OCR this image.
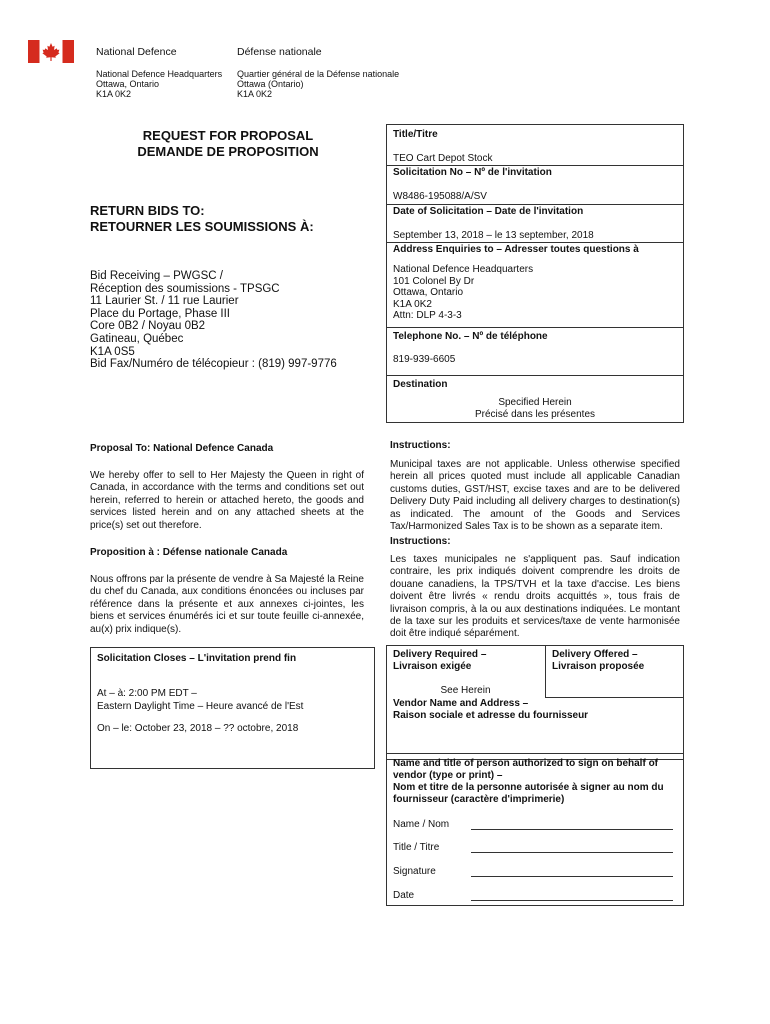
National Defence	Défense nationale
National Defence Headquarters
Ottawa, Ontario
K1A 0K2
Quartier général de la Défense nationale
Ottawa (Ontario)
K1A 0K2
REQUEST FOR PROPOSAL
DEMANDE DE PROPOSITION
RETURN BIDS TO:
RETOURNER LES SOUMISSIONS À:
Bid Receiving – PWGSC /
Réception des soumissions - TPSGC
11 Laurier St. / 11 rue Laurier
Place du Portage, Phase III
Core 0B2 / Noyau 0B2
Gatineau, Québec
K1A 0S5
Bid Fax/Numéro de télécopieur : (819) 997-9776
Proposal To: National Defence Canada
We hereby offer to sell to Her Majesty the Queen in right of Canada, in accordance with the terms and conditions set out herein, referred to herein or attached hereto, the goods and services listed herein and on any attached sheets at the price(s) set out therefore.
Proposition à : Défense nationale Canada
Nous offrons par la présente de vendre à Sa Majesté la Reine du chef du Canada, aux conditions énoncées ou incluses par référence dans la présente et aux annexes ci-jointes, les biens et services énumérés ici et sur toute feuille ci-annexée, au(x) prix indique(s).
Solicitation Closes – L'invitation prend fin
At – à: 2:00 PM EDT –
Eastern Daylight Time – Heure avancé de l'Est
On – le: October 23, 2018 – ?? octobre, 2018
Title/Titre
TEO Cart Depot Stock
Solicitation No – Nº de l'invitation
W8486-195088/A/SV
Date of Solicitation – Date de l'invitation
September 13, 2018 – le 13 september, 2018
Address Enquiries to – Adresser toutes questions à
National Defence Headquarters
101 Colonel By Dr
Ottawa, Ontario
K1A 0K2
Attn: DLP 4-3-3
Telephone No. – Nº de téléphone
819-939-6605
Destination
Specified Herein
Précisé dans les présentes
Instructions:
Municipal taxes are not applicable. Unless otherwise specified herein all prices quoted must include all applicable Canadian customs duties, GST/HST, excise taxes and are to be delivered Delivery Duty Paid including all delivery charges to destination(s) as indicated. The amount of the Goods and Services Tax/Harmonized Sales Tax is to be shown as a separate item.
Instructions:
Les taxes municipales ne s'appliquent pas. Sauf indication contraire, les prix indiqués doivent comprendre les droits de douane canadiens, la TPS/TVH et la taxe d'accise. Les biens doivent être livrés « rendu droits acquittés », tous frais de livraison compris, à la ou aux destinations indiquées. Le montant de la taxe sur les produits et services/taxe de vente harmonisée doit être indiqué séparément.
Delivery Required –
Livraison exigée
See Herein
Delivery Offered –
Livraison proposée
Vendor Name and Address –
Raison sociale et adresse du fournisseur
Name and title of person authorized to sign on behalf of vendor (type or print) –
Nom et titre de la personne autorisée à signer au nom du fournisseur (caractère d'imprimerie)
Name / Nom
Title / Titre
Signature
Date
